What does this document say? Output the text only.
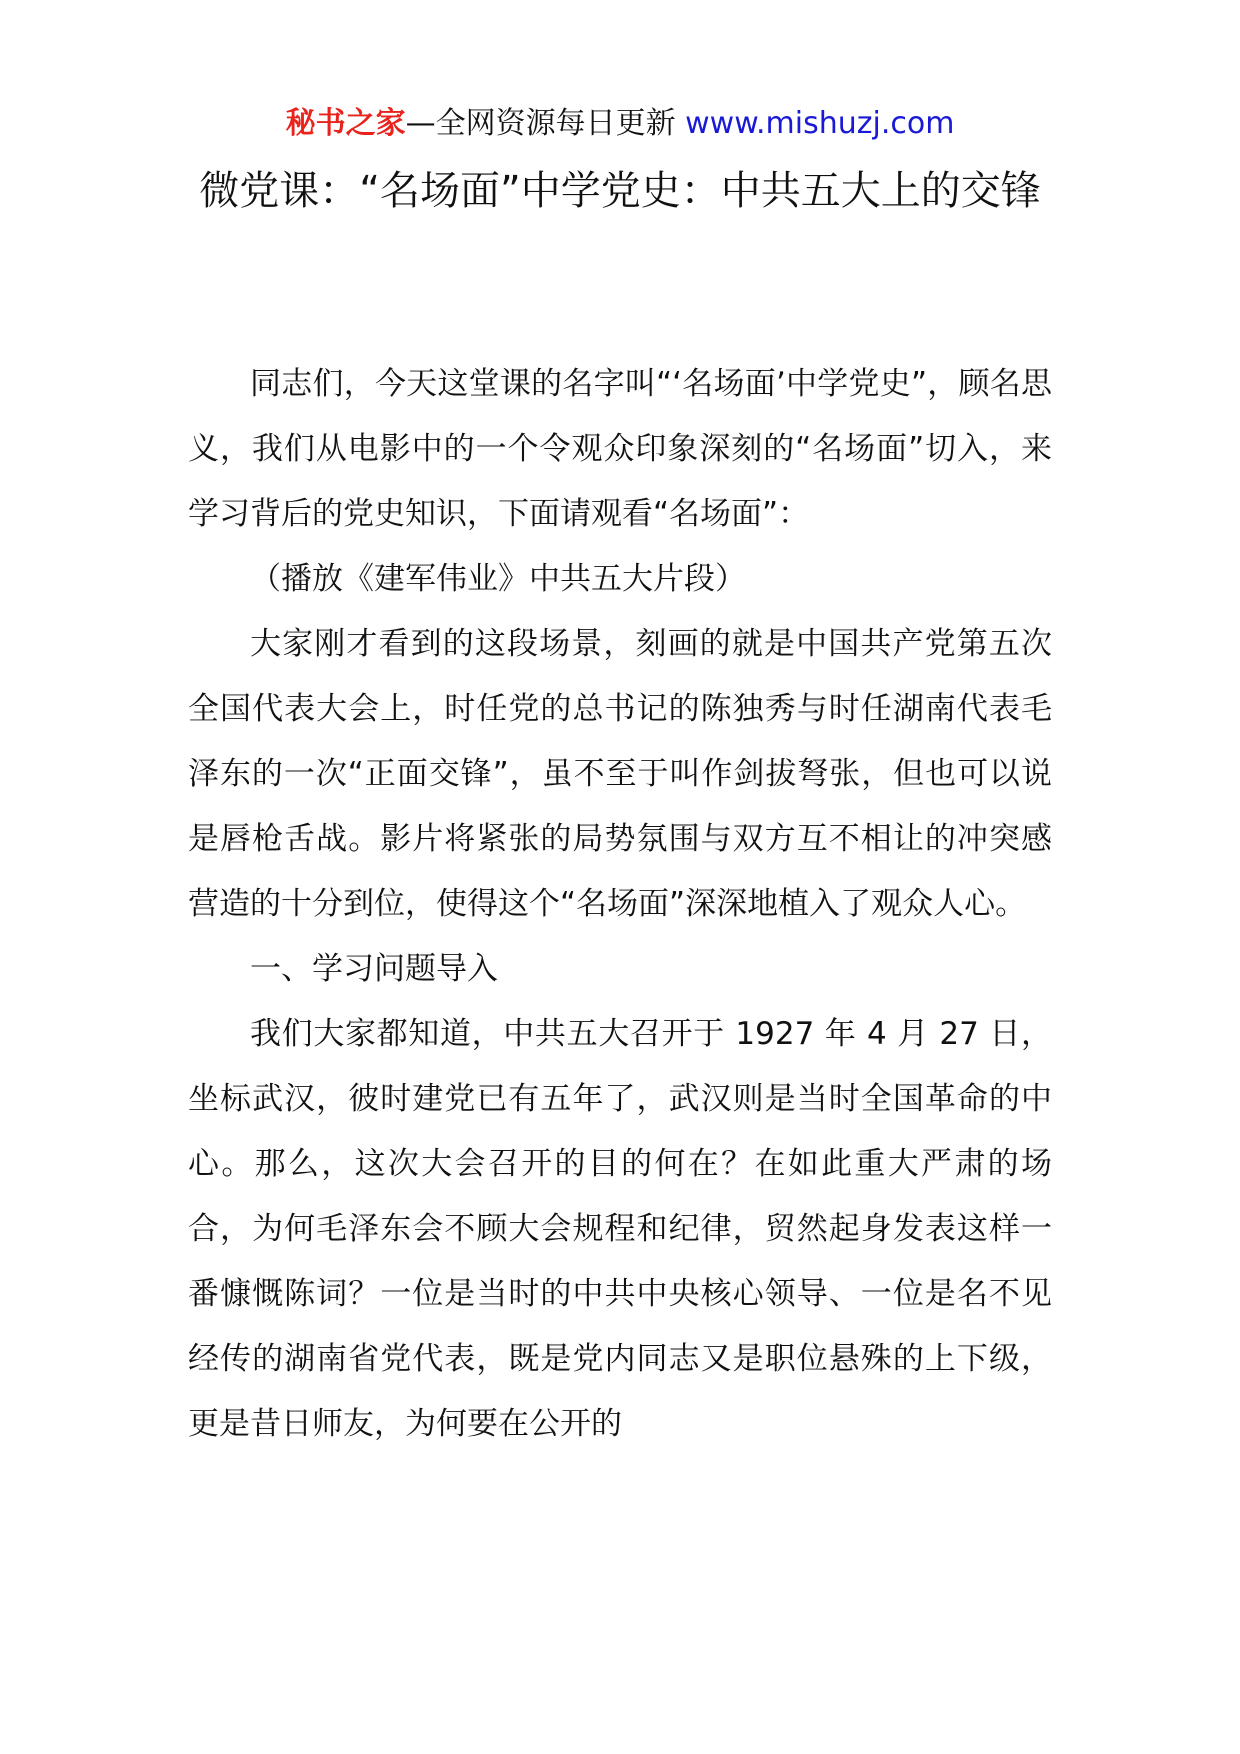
秘书之家—全网资源每日更新 www.mishuzj.com
微党课：“名场面”中学党史：中共五大上的交锋

同志们，今天这堂课的名字叫“‘名场面’中学党史”，顾名思义，我们从电影中的一个令观众印象深刻的“名场面”切入，来学习背后的党史知识，下面请观看“名场面”：

（播放《建军伟业》中共五大片段）

大家刚才看到的这段场景，刻画的就是中国共产党第五次全国代表大会上，时任党的总书记的陈独秀与时任湖南代表毛泽东的一次“正面交锋”，虽不至于叫作剑拔弩张，但也可以说是唇枪舌战。影片将紧张的局势氛围与双方互不相让的冲突感营造的十分到位，使得这个“名场面”深深地植入了观众人心。

一、学习问题导入

我们大家都知道，中共五大召开于 1927 年 4 月 27 日，坐标武汉，彼时建党已有五年了，武汉则是当时全国革命的中心。那么，这次大会召开的目的何在？在如此重大严肃的场合，为何毛泽东会不顾大会规程和纪律，贸然起身发表这样一番慷慨陈词？一位是当时的中共中央核心领导、一位是名不见经传的湖南省党代表，既是党内同志又是职位悬殊的上下级，更是昔日师友，为何要在公开的
